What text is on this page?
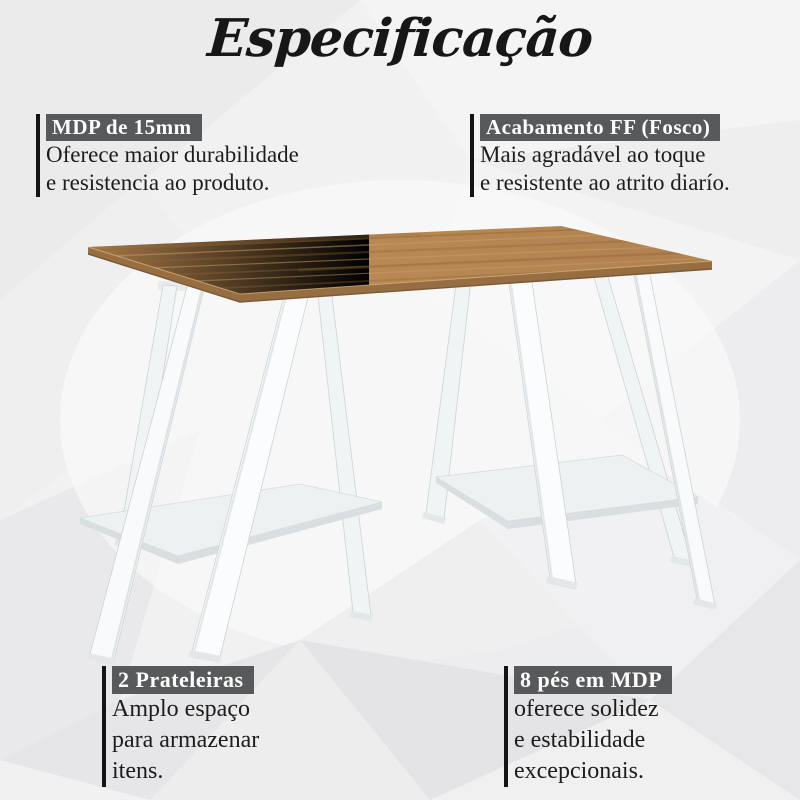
Especificação
MDP de 15mm
Oferece maior durabilidade
e resistencia ao produto.
Acabamento FF (Fosco)
Mais agradável ao toque
e resistente ao atrito diarío.
2 Prateleiras
Amplo espaço
para armazenar
itens.
8 pés em MDP
oferece solidez
e estabilidade
excepcionais.
